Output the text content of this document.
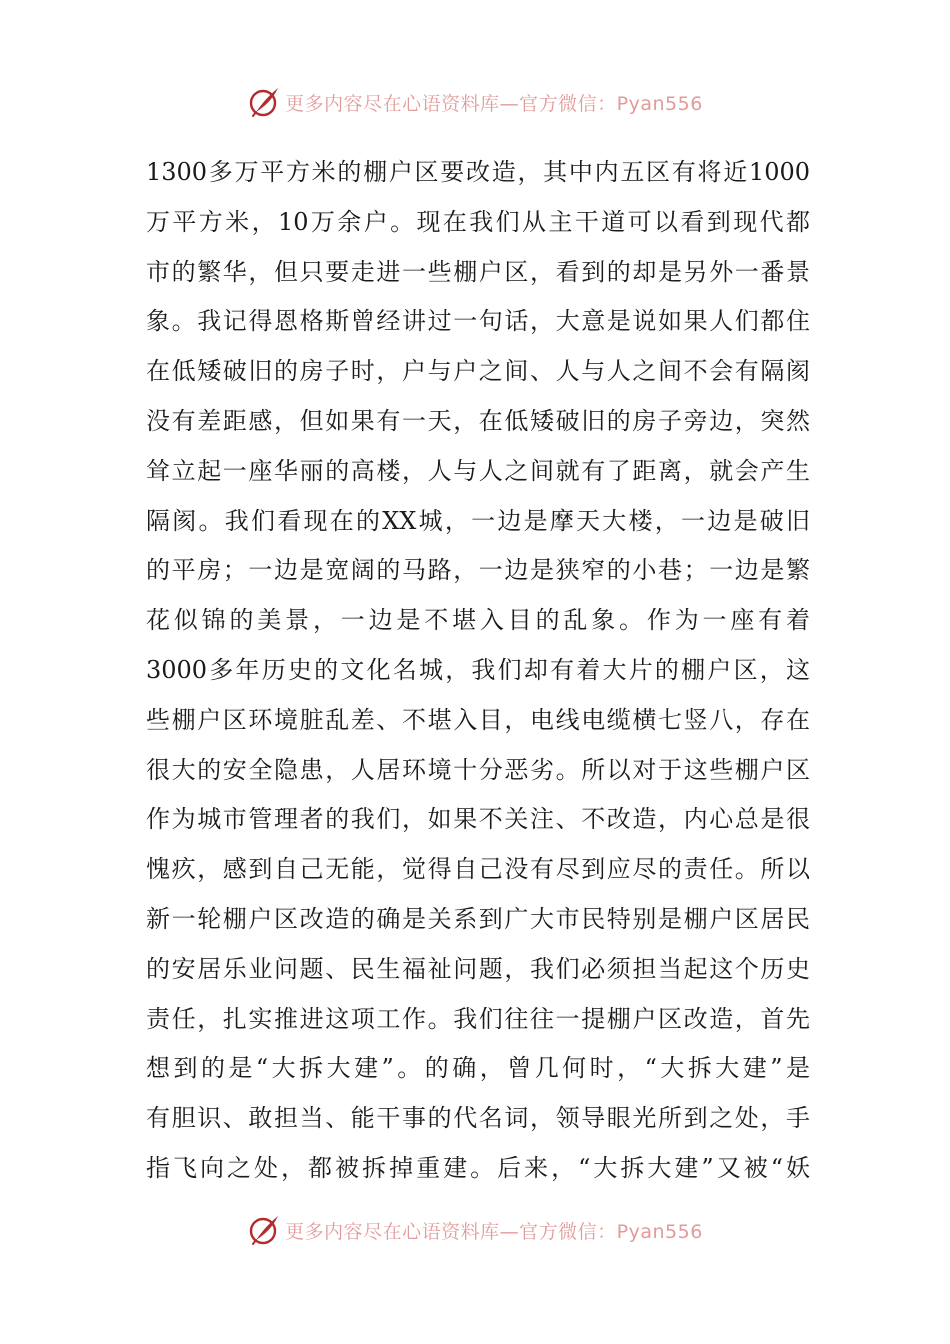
更多内容尽在心语资料库—官方微信：Pyan556
1300多万平方米的棚户区要改造，其中内五区有将近1000
万平方米，10万余户。现在我们从主干道可以看到现代都
市的繁华，但只要走进一些棚户区，看到的却是另外一番景
象。我记得恩格斯曾经讲过一句话，大意是说如果人们都住
在低矮破旧的房子时，户与户之间、人与人之间不会有隔阂
没有差距感，但如果有一天，在低矮破旧的房子旁边，突然
耸立起一座华丽的高楼，人与人之间就有了距离，就会产生
隔阂。我们看现在的XX城，一边是摩天大楼，一边是破旧
的平房；一边是宽阔的马路，一边是狭窄的小巷；一边是繁
花似锦的美景，一边是不堪入目的乱象。作为一座有着
3000多年历史的文化名城，我们却有着大片的棚户区，这
些棚户区环境脏乱差、不堪入目，电线电缆横七竖八，存在
很大的安全隐患，人居环境十分恶劣。所以对于这些棚户区
作为城市管理者的我们，如果不关注、不改造，内心总是很
愧疚，感到自己无能，觉得自己没有尽到应尽的责任。所以
新一轮棚户区改造的确是关系到广大市民特别是棚户区居民
的安居乐业问题、民生福祉问题，我们必须担当起这个历史
责任，扎实推进这项工作。我们往往一提棚户区改造，首先
想到的是“大拆大建”。的确，曾几何时，“大拆大建”是
有胆识、敢担当、能干事的代名词，领导眼光所到之处，手
指飞向之处，都被拆掉重建。后来，“大拆大建”又被“妖
更多内容尽在心语资料库—官方微信：Pyan556
